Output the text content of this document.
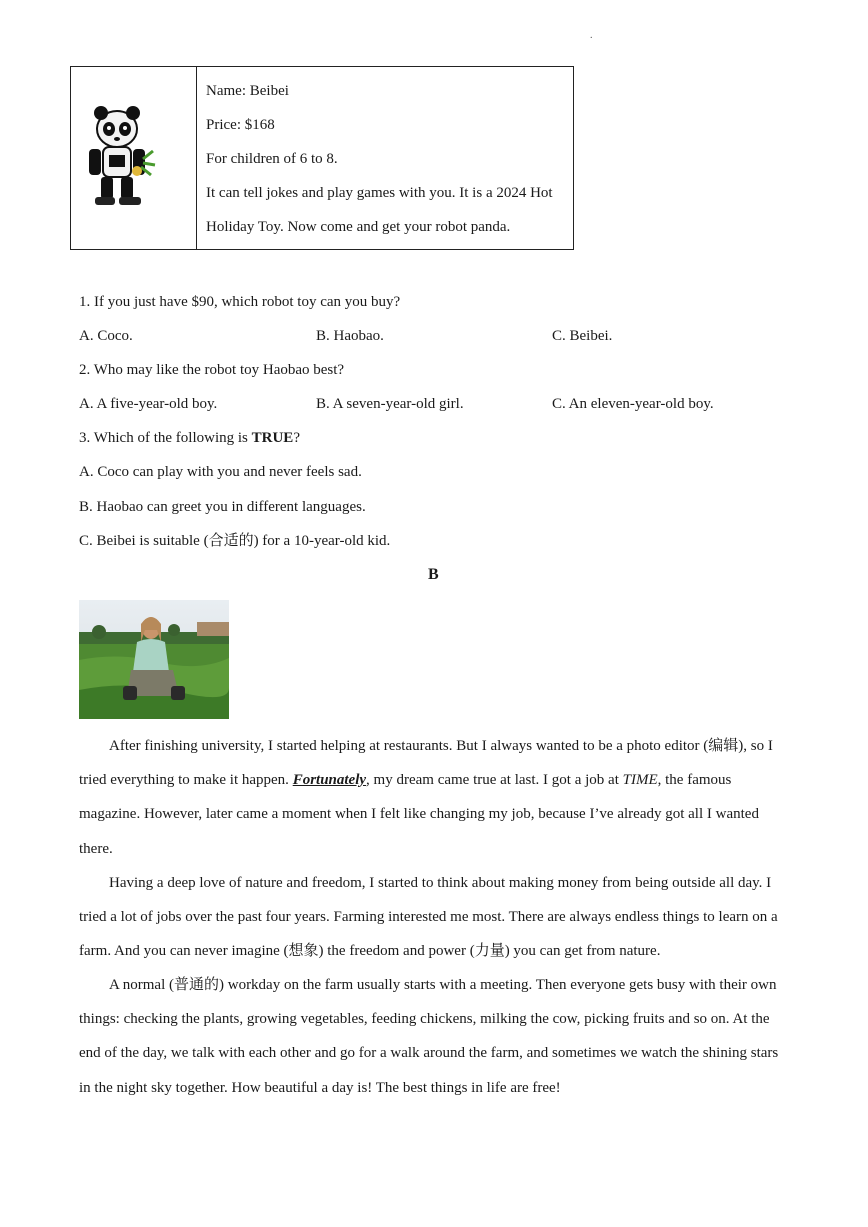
.
Name: Beibei
Price: $168
For children of 6 to 8.
It can tell jokes and play games with you. It is a 2024 Hot
Holiday Toy. Now come and get your robot panda.
1. If you just have $90, which robot toy can you buy?
A. Coco.	B. Haobao.	C. Beibei.
2. Who may like the robot toy Haobao best?
A. A five-year-old boy.	B. A seven-year-old girl.	C. An eleven-year-old boy.
3. Which of the following is TRUE?
A. Coco can play with you and never feels sad.
B. Haobao can greet you in different languages.
C. Beibei is suitable (合适的) for a 10-year-old kid.
B
After finishing university, I started helping at restaurants. But I always wanted to be a photo editor (编辑), so I tried everything to make it happen. Fortunately, my dream came true at last. I got a job at TIME, the famous magazine. However, later came a moment when I felt like changing my job, because I’ve already got all I wanted there.
Having a deep love of nature and freedom, I started to think about making money from being outside all day. I tried a lot of jobs over the past four years. Farming interested me most. There are always endless things to learn on a farm. And you can never imagine (想象) the freedom and power (力量) you can get from nature.
A normal (普通的) workday on the farm usually starts with a meeting. Then everyone gets busy with their own things: checking the plants, growing vegetables, feeding chickens, milking the cow, picking fruits and so on. At the end of the day, we talk with each other and go for a walk around the farm, and sometimes we watch the shining stars in the night sky together. How beautiful a day is! The best things in life are free!
